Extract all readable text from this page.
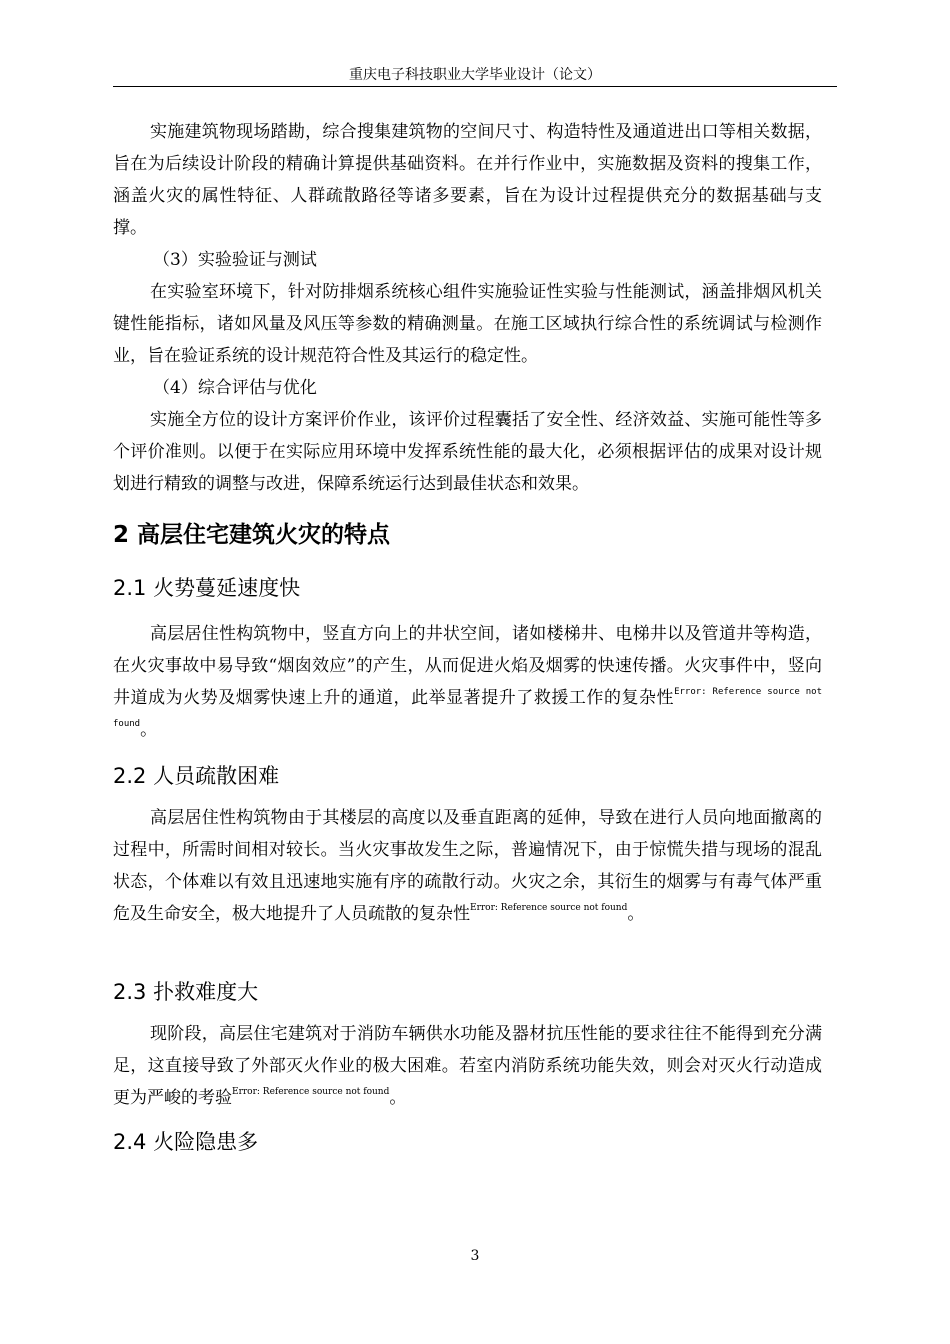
重庆电子科技职业大学毕业设计（论文）
实施建筑物现场踏勘，综合搜集建筑物的空间尺寸、构造特性及通道进出口等相关数据，旨在为后续设计阶段的精确计算提供基础资料。在并行作业中，实施数据及资料的搜集工作，涵盖火灾的属性特征、人群疏散路径等诸多要素，旨在为设计过程提供充分的数据基础与支撑。
（3）实验验证与测试
在实验室环境下，针对防排烟系统核心组件实施验证性实验与性能测试，涵盖排烟风机关键性能指标，诸如风量及风压等参数的精确测量。在施工区域执行综合性的系统调试与检测作业，旨在验证系统的设计规范符合性及其运行的稳定性。
（4）综合评估与优化
实施全方位的设计方案评价作业，该评价过程囊括了安全性、经济效益、实施可能性等多个评价准则。以便于在实际应用环境中发挥系统性能的最大化，必须根据评估的成果对设计规划进行精致的调整与改进，保障系统运行达到最佳状态和效果。
2 高层住宅建筑火灾的特点
2.1 火势蔓延速度快
高层居住性构筑物中，竖直方向上的井状空间，诸如楼梯井、电梯井以及管道井等构造，在火灾事故中易导致“烟囱效应”的产生，从而促进火焰及烟雾的快速传播。火灾事件中，竖向井道成为火势及烟雾快速上升的通道，此举显著提升了救援工作的复杂性$^{Error: Reference source not found}$。
2.2 人员疏散困难
高层居住性构筑物由于其楼层的高度以及垂直距离的延伸，导致在进行人员向地面撤离的过程中，所需时间相对较长。当火灾事故发生之际，普遍情况下，由于惊慌失措与现场的混乱状态，个体难以有效且迅速地实施有序的疏散行动。火灾之余，其衍生的烟雾与有毒气体严重危及生命安全，极大地提升了人员疏散的复杂性$^{Error: Reference source not found}$。
2.3 扑救难度大
现阶段，高层住宅建筑对于消防车辆供水功能及器材抗压性能的要求往往不能得到充分满足，这直接导致了外部灭火作业的极大困难。若室内消防系统功能失效，则会对灭火行动造成更为严峻的考验$^{Error: Reference source not found}$。
2.4 火险隐患多
3
